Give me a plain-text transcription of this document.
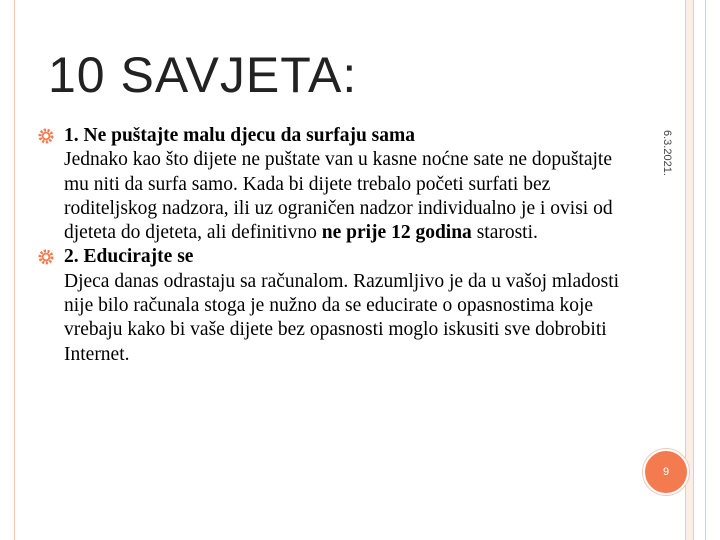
10 SAVJETA:
6.3.2021.
1. Ne puštajte malu djecu da surfaju sama
Jednako kao što dijete ne puštate van u kasne noćne sate ne dopuštajte mu niti da surfa samo. Kada bi dijete trebalo početi surfati bez roditeljskog nadzora, ili uz ograničen nadzor individualno je i ovisi od djeteta do djeteta, ali definitivno ne prije 12 godina starosti.
2. Educirajte se
Djeca danas odrastaju sa računalom. Razumljivo je da u vašoj mladosti nije bilo računala stoga je nužno da se educirate o opasnostima koje vrebaju kako bi vaše dijete bez opasnosti moglo iskusiti sve dobrobiti Internet.
9
